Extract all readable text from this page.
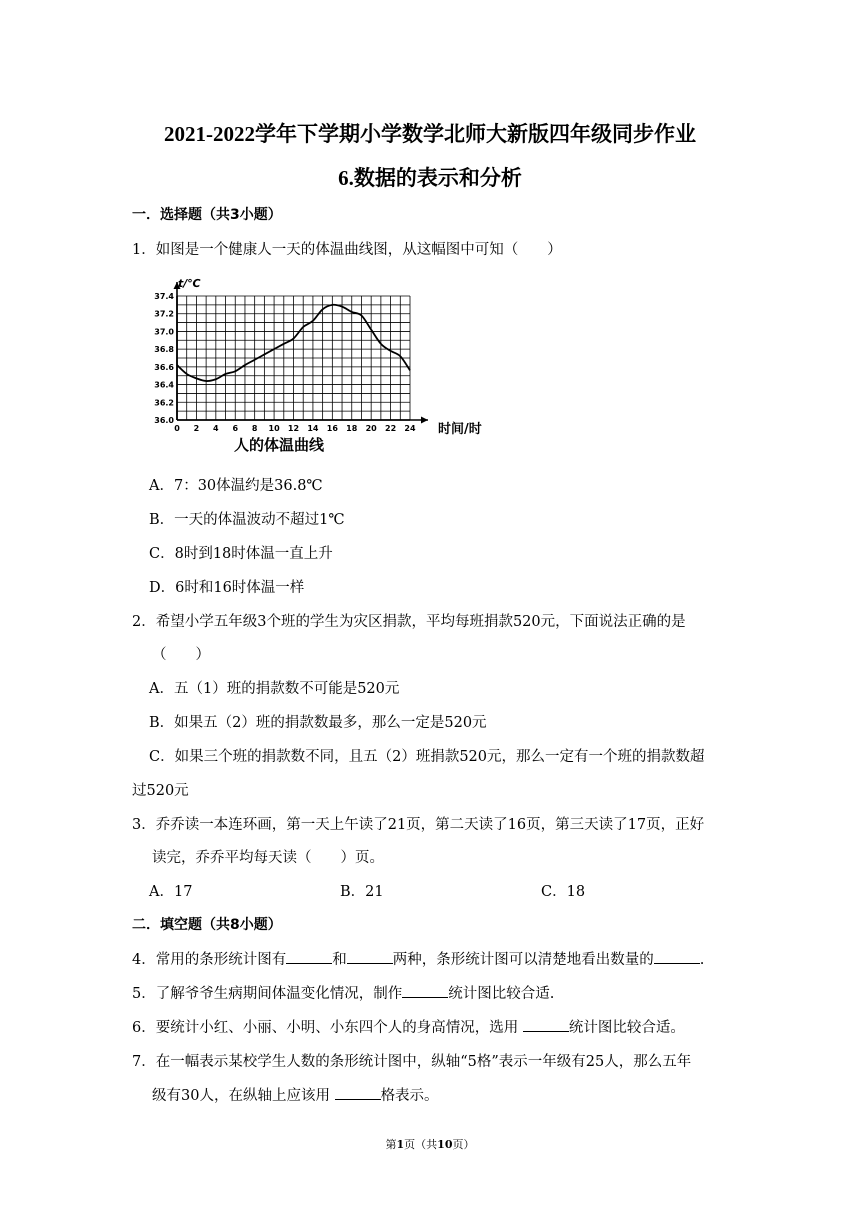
2021-2022学年下学期小学数学北师大新版四年级同步作业
6.数据的表示和分析
一．选择题（共3小题）
1．如图是一个健康人一天的体温曲线图，从这幅图中可知（　　）
0 2 4 6 8 10 12 14 16 18 20 22 24
36.0
36.2
36.4
36.6
36.8
37.0
37.2
37.4
t/℃
时间/时
人的体温曲线
A．7：30体温约是36.8℃
B．一天的体温波动不超过1℃
C．8时到18时体温一直上升
D．6时和16时体温一样
2．希望小学五年级3个班的学生为灾区捐款，平均每班捐款520元，下面说法正确的是
（　　）
A．五（1）班的捐款数不可能是520元
B．如果五（2）班的捐款数最多，那么一定是520元
C．如果三个班的捐款数不同，且五（2）班捐款520元，那么一定有一个班的捐款数超
过520元
3．乔乔读一本连环画，第一天上午读了21页，第二天读了16页，第三天读了17页，正好
读完，乔乔平均每天读（　　）页。
A．17	B．21	C．18
二．填空题（共8小题）
4．常用的条形统计图有	和	两种，条形统计图可以清楚地看出数量的	.
5．了解爷爷生病期间体温变化情况，制作	统计图比较合适.
6．要统计小红、小丽、小明、小东四个人的身高情况，选用	统计图比较合适。
7．在一幅表示某校学生人数的条形统计图中，纵轴“5格”表示一年级有25人，那么五年
级有30人，在纵轴上应该用	格表示。
第1页（共10页）
